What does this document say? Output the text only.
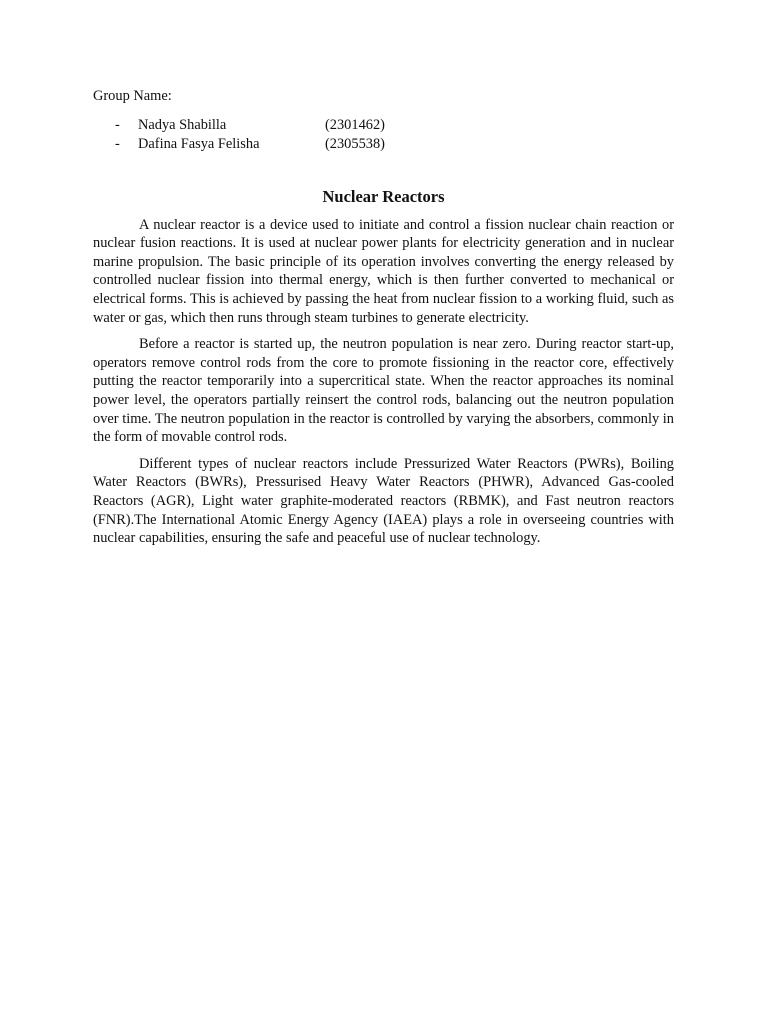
Group Name:
-	Nadya Shabilla	(2301462)
-	Dafina Fasya Felisha	(2305538)
Nuclear Reactors

A nuclear reactor is a device used to initiate and control a fission nuclear chain reaction or nuclear fusion reactions. It is used at nuclear power plants for electricity generation and in nuclear marine propulsion. The basic principle of its operation involves converting the energy released by controlled nuclear fission into thermal energy, which is then further converted to mechanical or electrical forms. This is achieved by passing the heat from nuclear fission to a working fluid, such as water or gas, which then runs through steam turbines to generate electricity.

Before a reactor is started up, the neutron population is near zero. During reactor start-up, operators remove control rods from the core to promote fissioning in the reactor core, effectively putting the reactor temporarily into a supercritical state. When the reactor approaches its nominal power level, the operators partially reinsert the control rods, balancing out the neutron population over time. The neutron population in the reactor is controlled by varying the absorbers, commonly in the form of movable control rods.

Different types of nuclear reactors include Pressurized Water Reactors (PWRs), Boiling Water Reactors (BWRs), Pressurised Heavy Water Reactors (PHWR), Advanced Gas-cooled Reactors (AGR), Light water graphite-moderated reactors (RBMK), and Fast neutron reactors (FNR).The International Atomic Energy Agency (IAEA) plays a role in overseeing countries with nuclear capabilities, ensuring the safe and peaceful use of nuclear technology.
